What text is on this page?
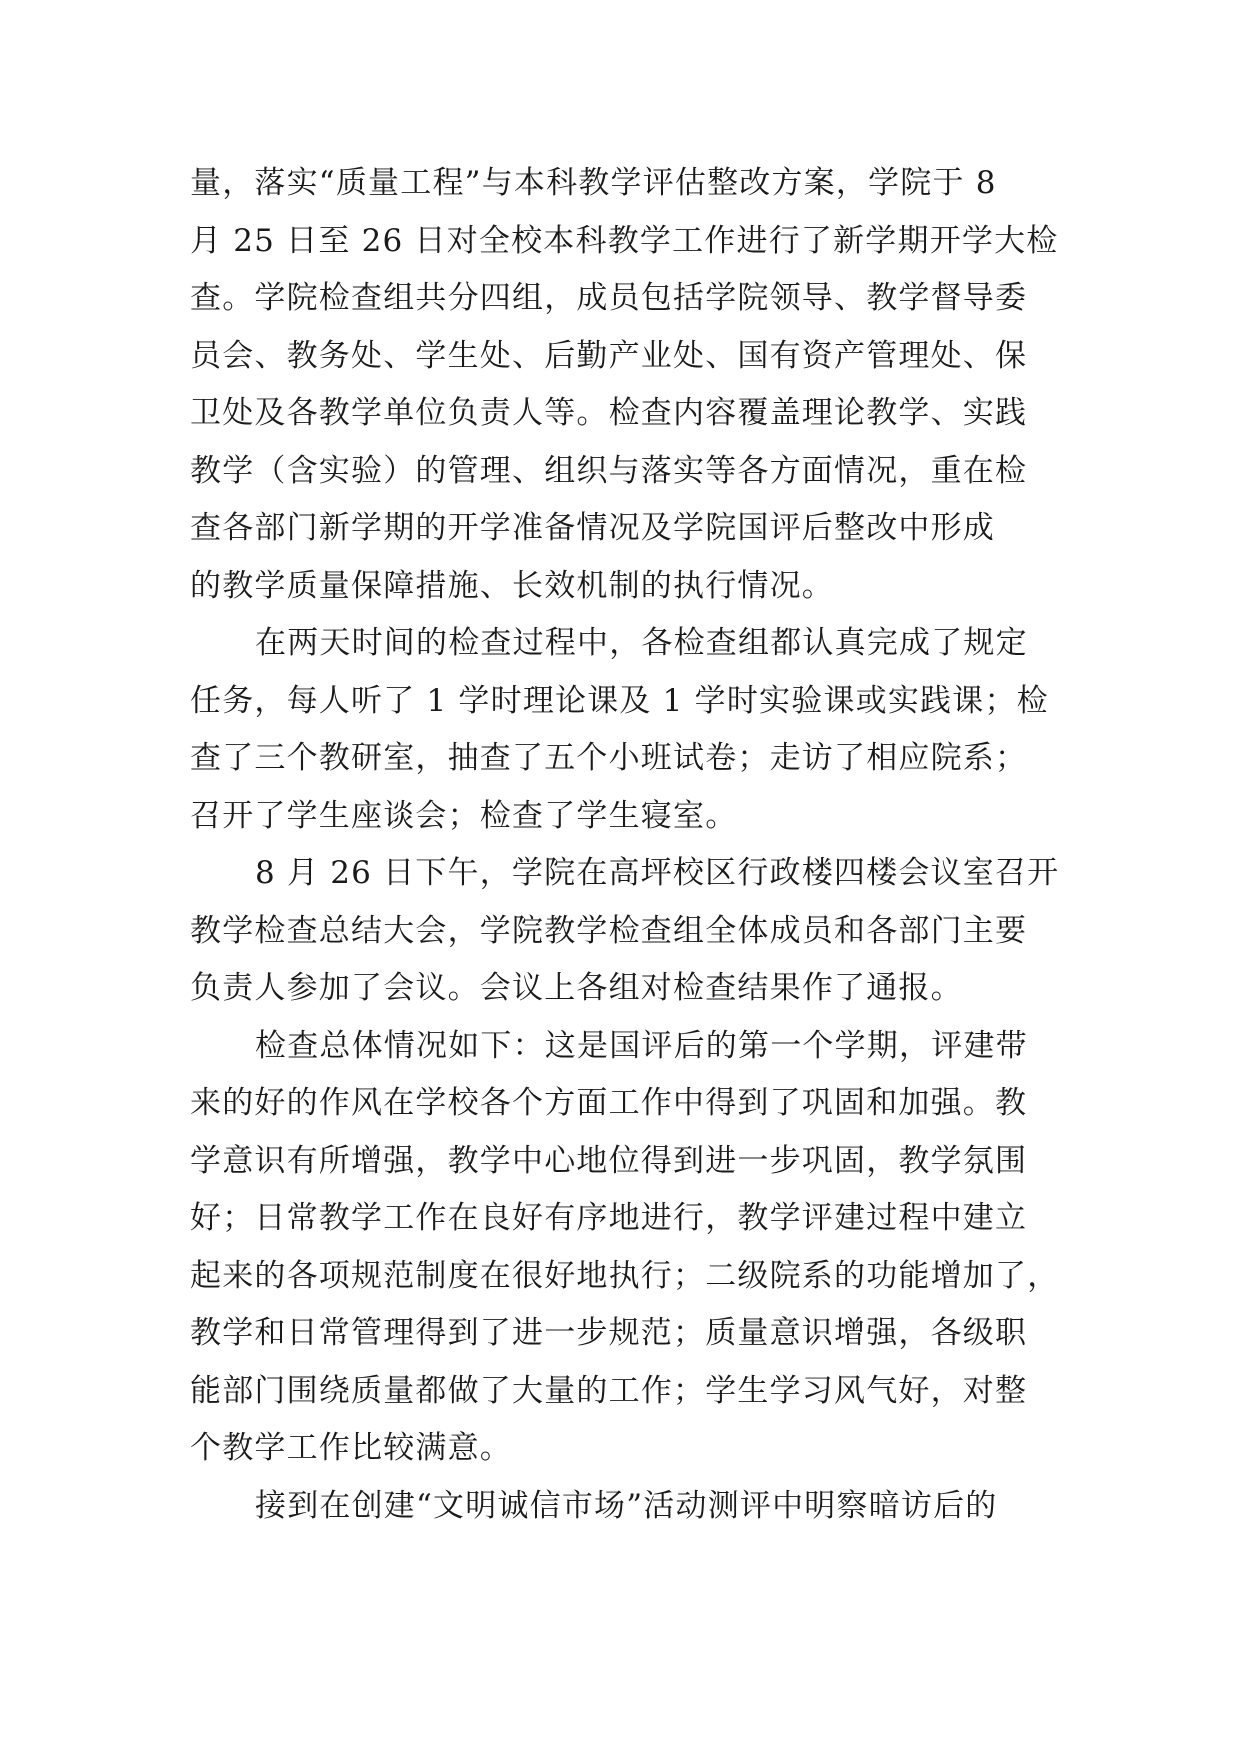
量，落实“质量工程”与本科教学评估整改方案，学院于 8
月 25 日至 26 日对全校本科教学工作进行了新学期开学大检
查。学院检查组共分四组，成员包括学院领导、教学督导委
员会、教务处、学生处、后勤产业处、国有资产管理处、保
卫处及各教学单位负责人等。检查内容覆盖理论教学、实践
教学（含实验）的管理、组织与落实等各方面情况，重在检
查各部门新学期的开学准备情况及学院国评后整改中形成
的教学质量保障措施、长效机制的执行情况。
在两天时间的检查过程中，各检查组都认真完成了规定
任务，每人听了 1 学时理论课及 1 学时实验课或实践课；检
查了三个教研室，抽查了五个小班试卷；走访了相应院系；
召开了学生座谈会；检查了学生寝室。
8 月 26 日下午，学院在高坪校区行政楼四楼会议室召开
教学检查总结大会，学院教学检查组全体成员和各部门主要
负责人参加了会议。会议上各组对检查结果作了通报。
检查总体情况如下：这是国评后的第一个学期，评建带
来的好的作风在学校各个方面工作中得到了巩固和加强。教
学意识有所增强，教学中心地位得到进一步巩固，教学氛围
好；日常教学工作在良好有序地进行，教学评建过程中建立
起来的各项规范制度在很好地执行；二级院系的功能增加了，
教学和日常管理得到了进一步规范；质量意识增强，各级职
能部门围绕质量都做了大量的工作；学生学习风气好，对整
个教学工作比较满意。
接到在创建“文明诚信市场”活动测评中明察暗访后的
